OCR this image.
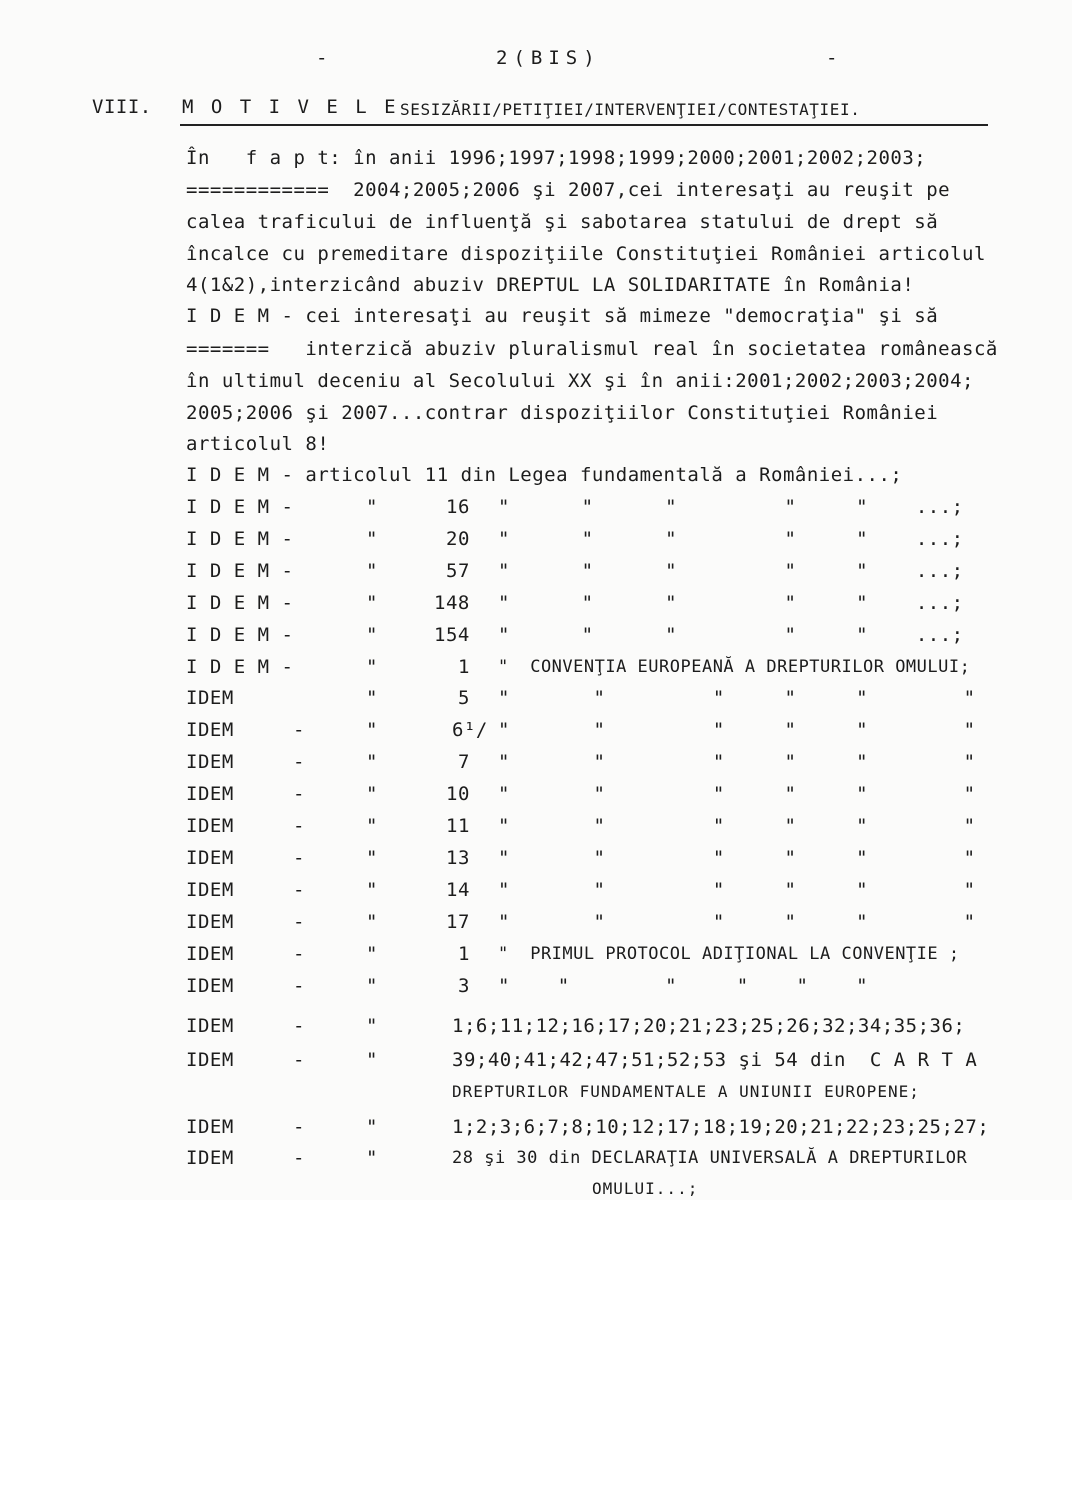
-	2(BIS)	-
VIII. M O T I V E L E SESIZĂRII/PETIŢIEI/INTERVENŢIEI/CONTESTAŢIEI.
În   f a p t: în anii 1996;1997;1998;1999;2000;2001;2002;2003;
============  2004;2005;2006 şi 2007,cei interesaţi au reuşit pe
calea traficului de influenţă şi sabotarea statului de drept să
încalce cu premeditare dispoziţiile Constituţiei României articolul
4(1&2),interzicând abuziv DREPTUL LA SOLIDARITATE în România!
I D E M - cei interesaţi au reuşit să mimeze "democraţia" şi să
=======   interzică abuziv pluralismul real în societatea românească
în ultimul deceniu al Secolului XX şi în anii:2001;2002;2003;2004;
2005;2006 şi 2007...contrar dispoziţiilor Constituţiei României
articolul 8!
I D E M - articolul 11 din Legea fundamentală a României...;
I D E M -	"	16 "      "      "         "     "    ...;
I D E M -	"	20 "      "      "         "     "    ...;
I D E M -	"	57 "      "      "         "     "    ...;
I D E M -	"	148 "      "      "         "     "    ...;
I D E M -	"	154 "      "      "         "     "    ...;
I D E M -	"	1 "  CONVENŢIA EUROPEANĂ A DREPTURILOR OMULUI;
IDEM	"	5 "       "         "     "     "        "
IDEM	-	"	6¹/ "       "         "     "     "        "
IDEM	-	"	7 "       "         "     "     "        "
IDEM	-	"	10 "       "         "     "     "        "
IDEM	-	"	11 "       "         "     "     "        "
IDEM	-	"	13 "       "         "     "     "        "
IDEM	-	"	14 "       "         "     "     "        "
IDEM	-	"	17 "       "         "     "     "        "
IDEM	-	"	1 "  PRIMUL PROTOCOL ADIŢIONAL LA CONVENŢIE ;
IDEM	-	"	3 "    "        "     "    "    "
IDEM	-	"	1;6;11;12;16;17;20;21;23;25;26;32;34;35;36;
IDEM	-	"	39;40;41;42;47;51;52;53 şi 54 din  C A R T A
DREPTURILOR FUNDAMENTALE A UNIUNII EUROPENE;
IDEM	-	"	1;2;3;6;7;8;10;12;17;18;19;20;21;22;23;25;27;
IDEM	-	"	28 şi 30 din DECLARAŢIA UNIVERSALĂ A DREPTURILOR
OMULUI...;
